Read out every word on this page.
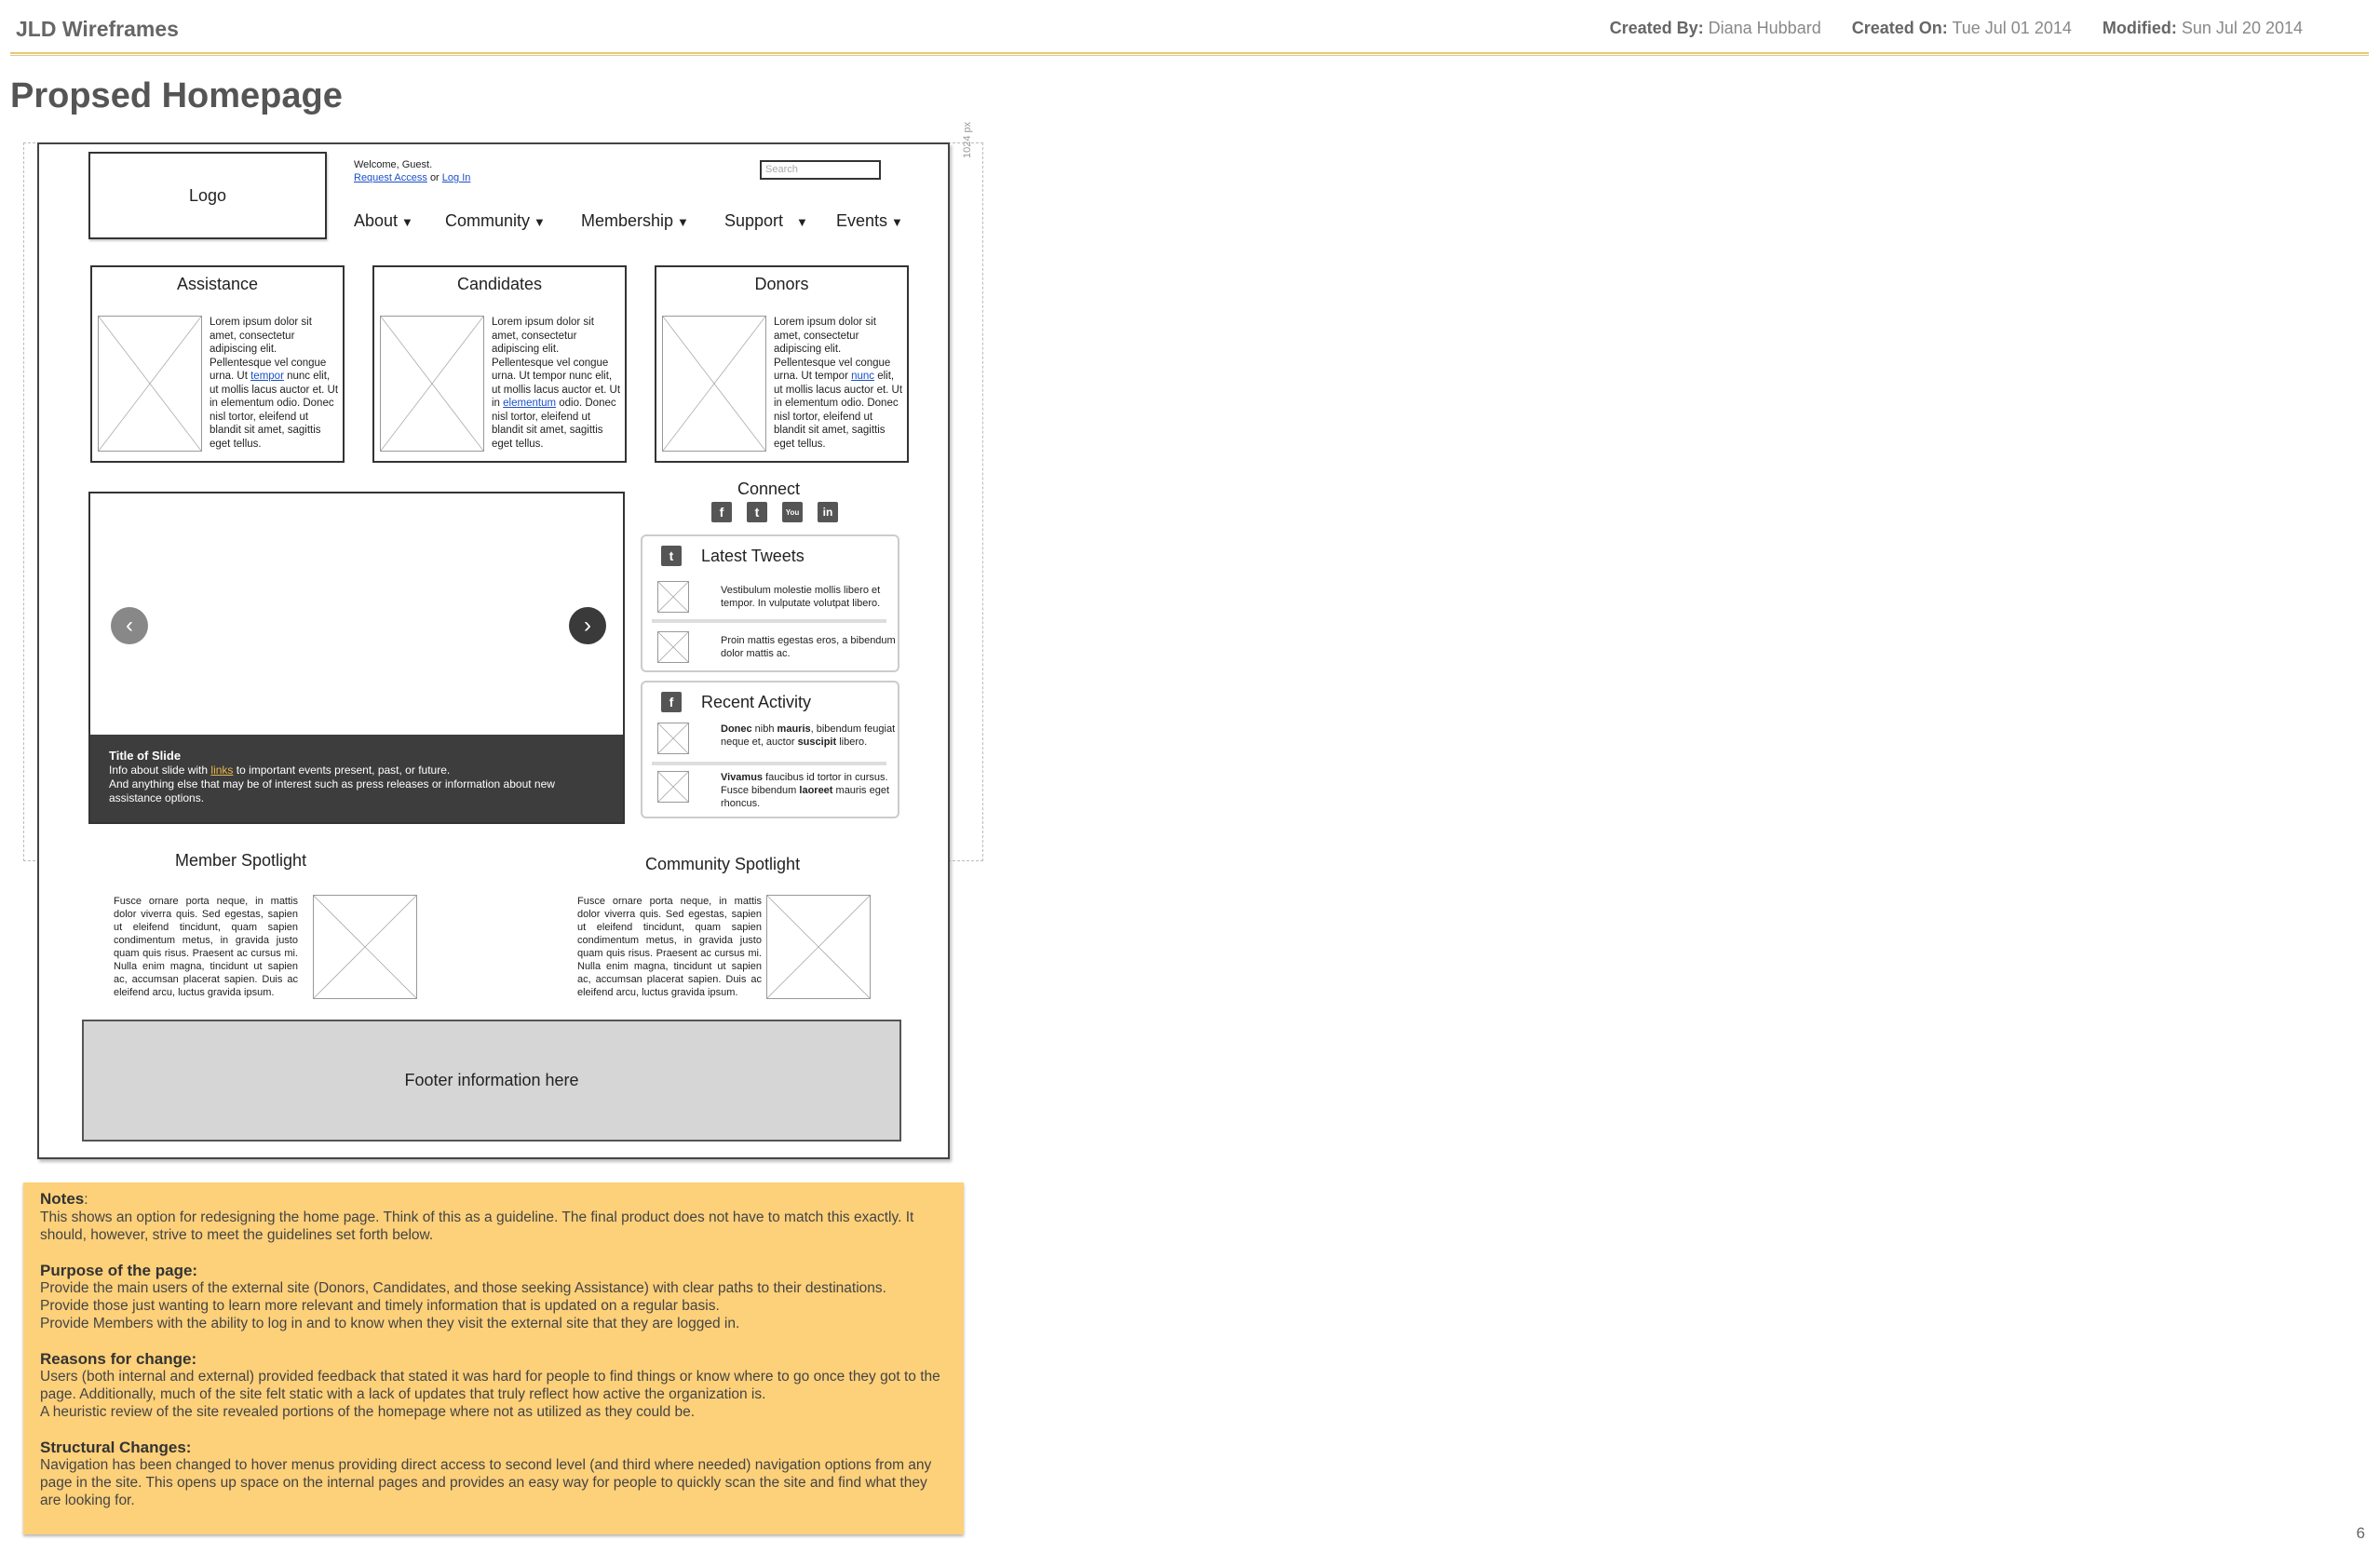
JLD Wireframes	Created By: Diana Hubbard Created On: Tue Jul 01 2014 Modified: Sun Jul 20 2014
Propsed Homepage
1024 px
Logo
Welcome, Guest.
Request Access or Log In
Search
About ▼ Community ▼ Membership ▼ Support ▼ Events ▼
Assistance
Lorem ipsum dolor sit amet, consectetur adipiscing elit. Pellentesque vel congue urna. Ut tempor nunc elit, ut mollis lacus auctor et. Ut in elementum odio. Donec nisl tortor, eleifend ut blandit sit amet, sagittis eget tellus.
Candidates
Lorem ipsum dolor sit amet, consectetur adipiscing elit. Pellentesque vel congue urna. Ut tempor nunc elit, ut mollis lacus auctor et. Ut in elementum odio. Donec nisl tortor, eleifend ut blandit sit amet, sagittis eget tellus.
Donors
Lorem ipsum dolor sit amet, consectetur adipiscing elit. Pellentesque vel congue urna. Ut tempor nunc elit, ut mollis lacus auctor et. Ut in elementum odio. Donec nisl tortor, eleifend ut blandit sit amet, sagittis eget tellus.
‹	›
Title of Slide
Info about slide with links to important events present, past, or future.
And anything else that may be of interest such as press releases or information about new assistance options.
Connect
f	t	You	in
t	Latest Tweets
Vestibulum molestie mollis libero et tempor. In vulputate volutpat libero.
Proin mattis egestas eros, a bibendum dolor mattis ac.
f	Recent Activity
Donec nibh mauris, bibendum feugiat neque et, auctor suscipit libero.
Vivamus faucibus id tortor in cursus. Fusce bibendum laoreet mauris eget rhoncus.
Member Spotlight
Fusce ornare porta neque, in mattis dolor viverra quis. Sed egestas, sapien ut eleifend tincidunt, quam sapien condimentum metus, in gravida justo quam quis risus. Praesent ac cursus mi. Nulla enim magna, tincidunt ut sapien ac, accumsan placerat sapien. Duis ac eleifend arcu, luctus gravida ipsum.
Community Spotlight
Fusce ornare porta neque, in mattis dolor viverra quis. Sed egestas, sapien ut eleifend tincidunt, quam sapien condimentum metus, in gravida justo quam quis risus. Praesent ac cursus mi. Nulla enim magna, tincidunt ut sapien ac, accumsan placerat sapien. Duis ac eleifend arcu, luctus gravida ipsum.
Footer information here
Notes:

This shows an option for redesigning the home page. Think of this as a guideline. The final product does not have to match this exactly. It should, however, strive to meet the guidelines set forth below.

Purpose of the page:

Provide the main users of the external site (Donors, Candidates, and those seeking Assistance) with clear paths to their destinations.

Provide those just wanting to learn more relevant and timely information that is updated on a regular basis.

Provide Members with the ability to log in and to know when they visit the external site that they are logged in.

Reasons for change:

Users (both internal and external) provided feedback that stated it was hard for people to find things or know where to go once they got to the page. Additionally, much of the site felt static with a lack of updates that truly reflect how active the organization is.

A heuristic review of the site revealed portions of the homepage where not as utilized as they could be.

Structural Changes:

Navigation has been changed to hover menus providing direct access to second level (and third where needed) navigation options from any page in the site. This opens up space on the internal pages and provides an easy way for people to quickly scan the site and find what they are looking for.

6
